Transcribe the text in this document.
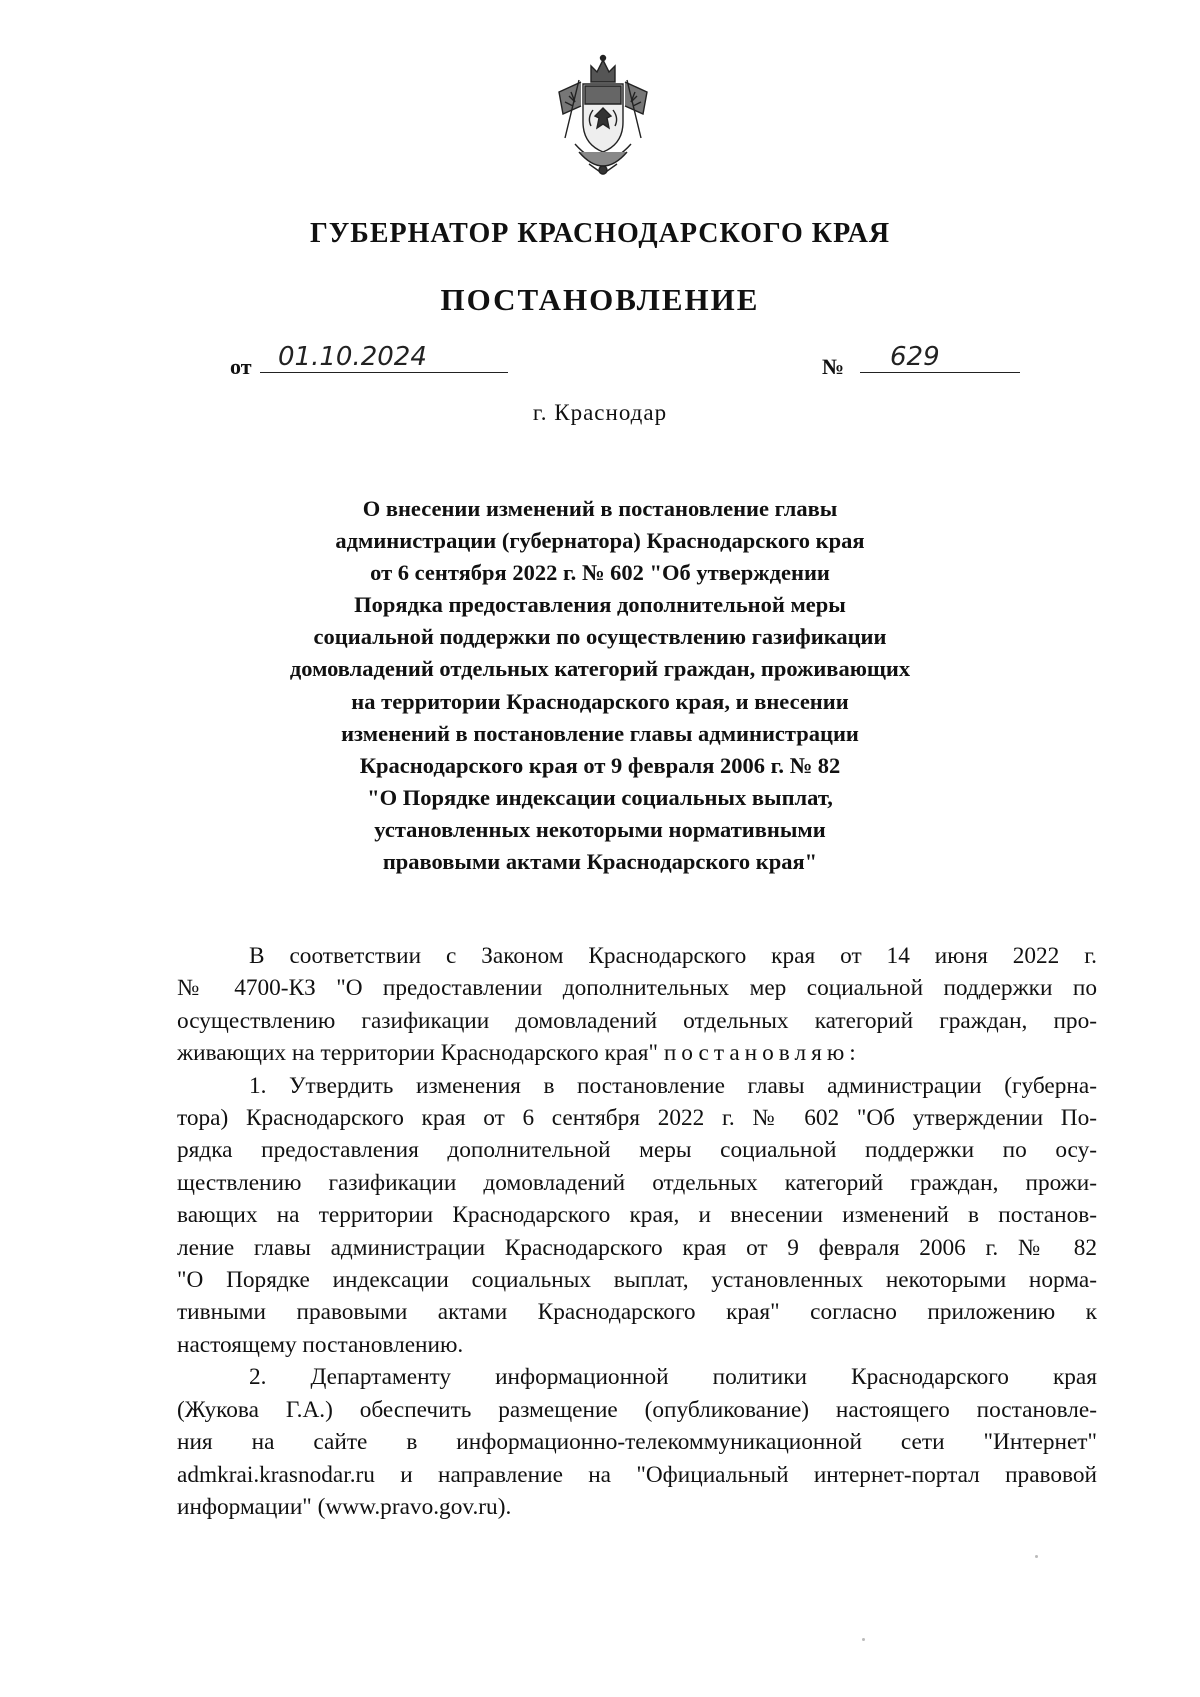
ГУБЕРНАТОР КРАСНОДАРСКОГО КРАЯ
ПОСТАНОВЛЕНИЕ
от	01.10.2024	№	629
г. Краснодар
О внесении изменений в постановление главы
администрации (губернатора) Краснодарского края
от 6 сентября 2022 г. № 602 "Об утверждении
Порядка предоставления дополнительной меры
социальной поддержки по осуществлению газификации
домовладений отдельных категорий граждан, проживающих
на территории Краснодарского края, и внесении
изменений в постановление главы администрации
Краснодарского края от 9 февраля 2006 г. № 82
"О Порядке индексации социальных выплат,
установленных некоторыми нормативными
правовыми актами Краснодарского края"
В соответствии с Законом Краснодарского края от 14 июня 2022 г.
№ 4700-КЗ "О предоставлении дополнительных мер социальной поддержки по
осуществлению газификации домовладений отдельных категорий граждан, про-
живающих на территории Краснодарского края" постановляю:
1. Утвердить изменения в постановление главы администрации (губерна-
тора) Краснодарского края от 6 сентября 2022 г. № 602 "Об утверждении По-
рядка предоставления дополнительной меры социальной поддержки по осу-
ществлению газификации домовладений отдельных категорий граждан, прожи-
вающих на территории Краснодарского края, и внесении изменений в постанов-
ление главы администрации Краснодарского края от 9 февраля 2006 г. № 82
"О Порядке индексации социальных выплат, установленных некоторыми норма-
тивными правовыми актами Краснодарского края" согласно приложению к
настоящему постановлению.
2. Департаменту информационной политики Краснодарского края
(Жукова Г.А.) обеспечить размещение (опубликование) настоящего постановле-
ния на сайте в информационно-телекоммуникационной сети "Интернет"
admkrai.krasnodar.ru и направление на "Официальный интернет-портал правовой
информации" (www.pravo.gov.ru).
